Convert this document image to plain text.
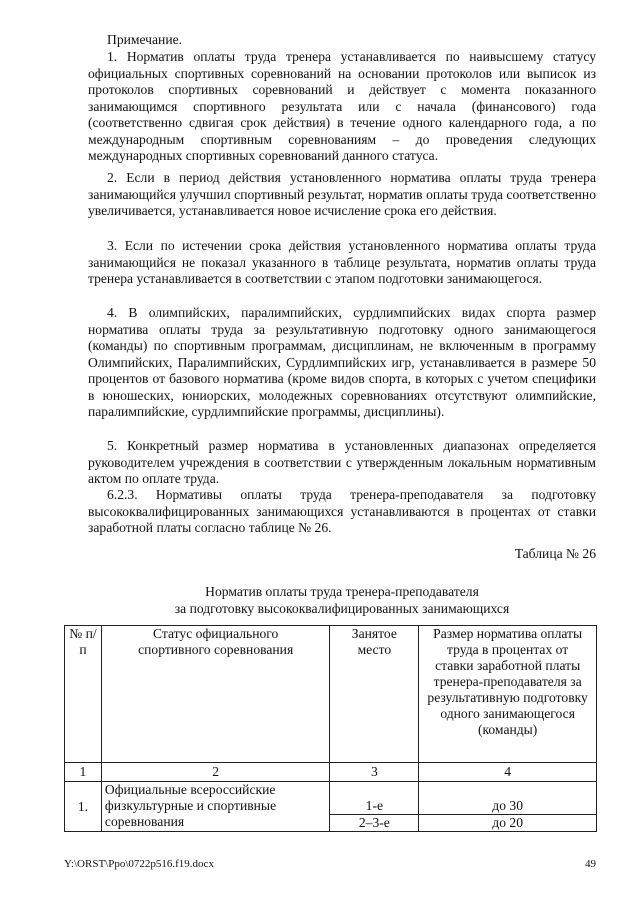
Примечание.

1. Норматив оплаты труда тренера устанавливается по наивысшему статусу официальных спортивных соревнований на основании протоколов или выписок из протоколов спортивных соревнований и действует с момента показанного занимающимся спортивного результата или с начала (финансового) года (соответственно сдвигая срок действия) в течение одного календарного года, а по международным спортивным соревнованиям – до проведения следующих международных спортивных соревнований данного статуса.

2. Если в период действия установленного норматива оплаты труда тренера занимающийся улучшил спортивный результат, норматив оплаты труда соответственно увеличивается, устанавливается новое исчисление срока его действия.

3. Если по истечении срока действия установленного норматива оплаты труда занимающийся не показал указанного в таблице результата, норматив оплаты труда тренера устанавливается в соответствии с этапом подготовки занимающегося.

4. В олимпийских, паралимпийских, сурдлимпийских видах спорта размер норматива оплаты труда за результативную подготовку одного занимающегося (команды) по спортивным программам, дисциплинам, не включенным в программу Олимпийских, Паралимпийских, Сурдлимпийских игр, устанавливается в размере 50 процентов от базового норматива (кроме видов спорта, в которых с учетом специфики в юношеских, юниорских, молодежных соревнованиях отсутствуют олимпийские, паралимпийские, сурдлимпийские программы, дисциплины).

5. Конкретный размер норматива в установленных диапазонах определяется руководителем учреждения в соответствии с утвержденным локальным нормативным актом по оплате труда.

6.2.3. Нормативы оплаты труда тренера-преподавателя за подготовку высококвалифицированных занимающихся устанавливаются в процентах от ставки заработной платы согласно таблице № 26.

Таблица № 26
Норматив оплаты труда тренера-преподавателя
за подготовку высококвалифицированных занимающихся
№ п/п	Статус официального спортивного соревнования	Занятое место	Размер норматива оплаты труда в процентах от ставки заработной платы тренера-преподавателя за результативную подготовку одного занимающегося (команды)
1	2	3	4
1.	Официальные всероссийские физкультурные и спортивные соревнования	1-е	до 30
		2–3-е	до 20
Y:\ORST\Ppo\0722p516.f19.docx	49
